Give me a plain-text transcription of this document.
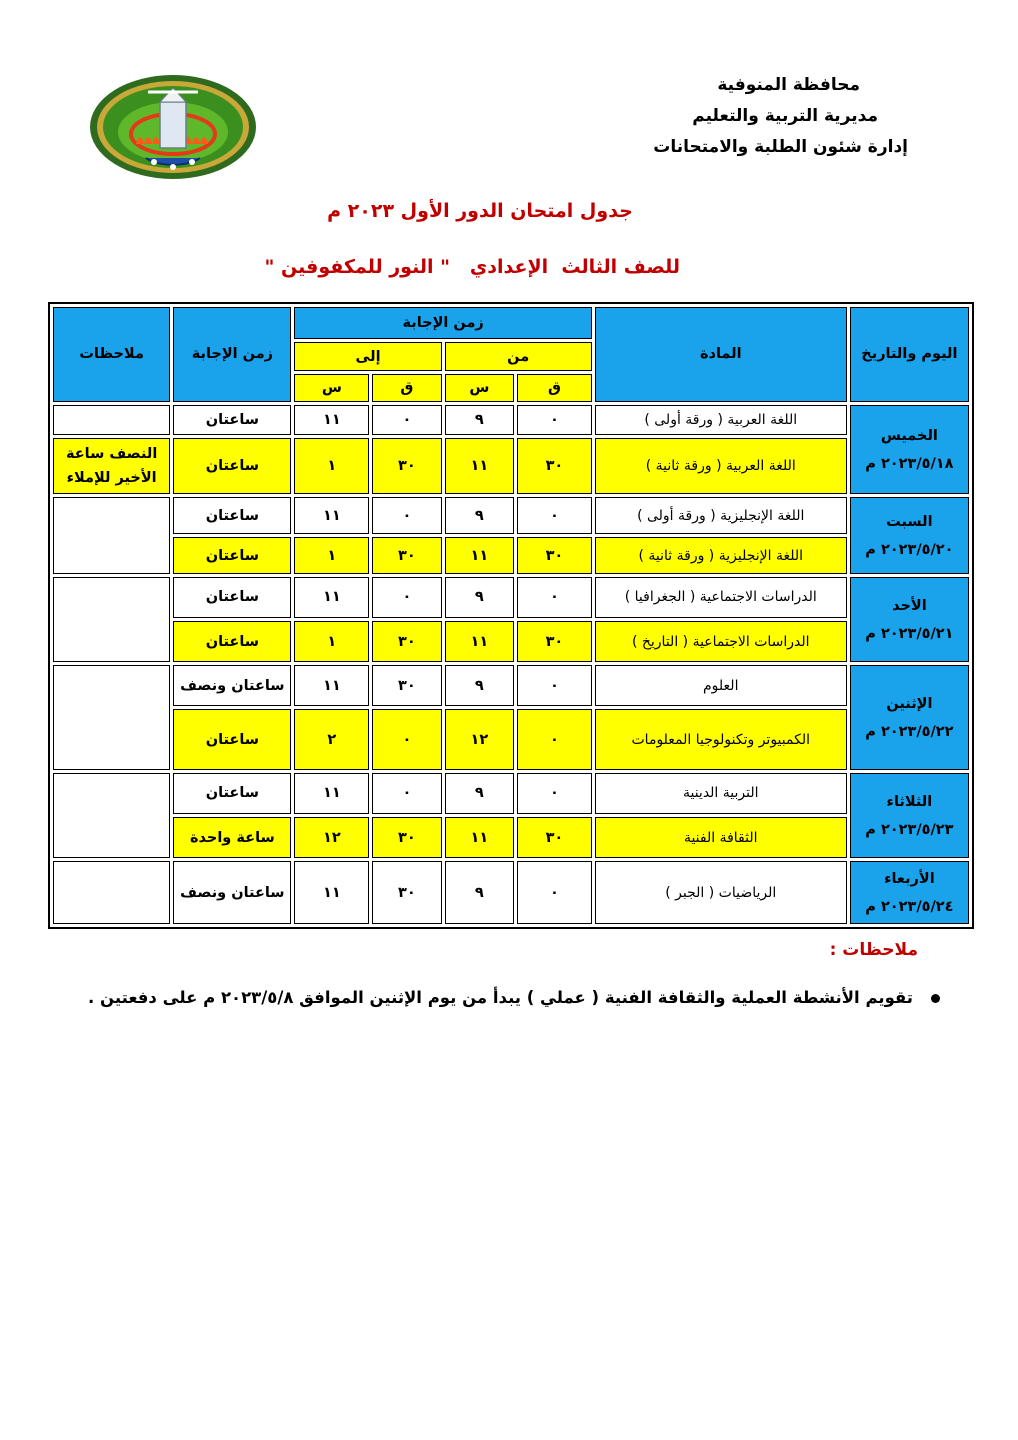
محافظة المنوفية
مديرية التربية والتعليم
إدارة شئون الطلبة والامتحانات
جدول امتحان الدور الأول ٢٠٢٣ م
للصف الثالث  الإعدادي   " النور للمكفوفين "
اليوم والتاريخ	المادة	زمن الإجابة				زمن الإجابة	ملاحظات
		من		إلى			
		ق	س	ق	س		

الخميس
٢٠٢٣/٥/١٨ م	اللغة العربية ( ورقة أولى )	٠	٩	٠	١١	ساعتان	
	اللغة العربية ( ورقة ثانية )	٣٠	١١	٣٠	١	ساعتان	النصف ساعة الأخير للإملاء

السبت
٢٠٢٣/٥/٢٠ م	اللغة الإنجليزية ( ورقة أولى )	٠	٩	٠	١١	ساعتان	
	اللغة الإنجليزية ( ورقة ثانية )	٣٠	١١	٣٠	١	ساعتان	

الأحد
٢٠٢٣/٥/٢١ م	الدراسات الاجتماعية ( الجغرافيا )	٠	٩	٠	١١	ساعتان	
	الدراسات الاجتماعية ( التاريخ )	٣٠	١١	٣٠	١	ساعتان	

الإثنين
٢٠٢٣/٥/٢٢ م	العلوم	٠	٩	٣٠	١١	ساعتان ونصف	
	الكمبيوتر وتكنولوجيا المعلومات	٠	١٢	٠	٢	ساعتان	

الثلاثاء
٢٠٢٣/٥/٢٣ م	التربية الدينية	٠	٩	٠	١١	ساعتان	
	الثقافة الفنية	٣٠	١١	٣٠	١٢	ساعة واحدة	

الأربعاء
٢٠٢٣/٥/٢٤ م	الرياضيات ( الجبر )	٠	٩	٣٠	١١	ساعتان ونصف	
ملاحظات :
تقويم الأنشطة العملية والثقافة الفنية ( عملي ) يبدأ من يوم الإثنين الموافق ٢٠٢٣/٥/٨ م على دفعتين .
